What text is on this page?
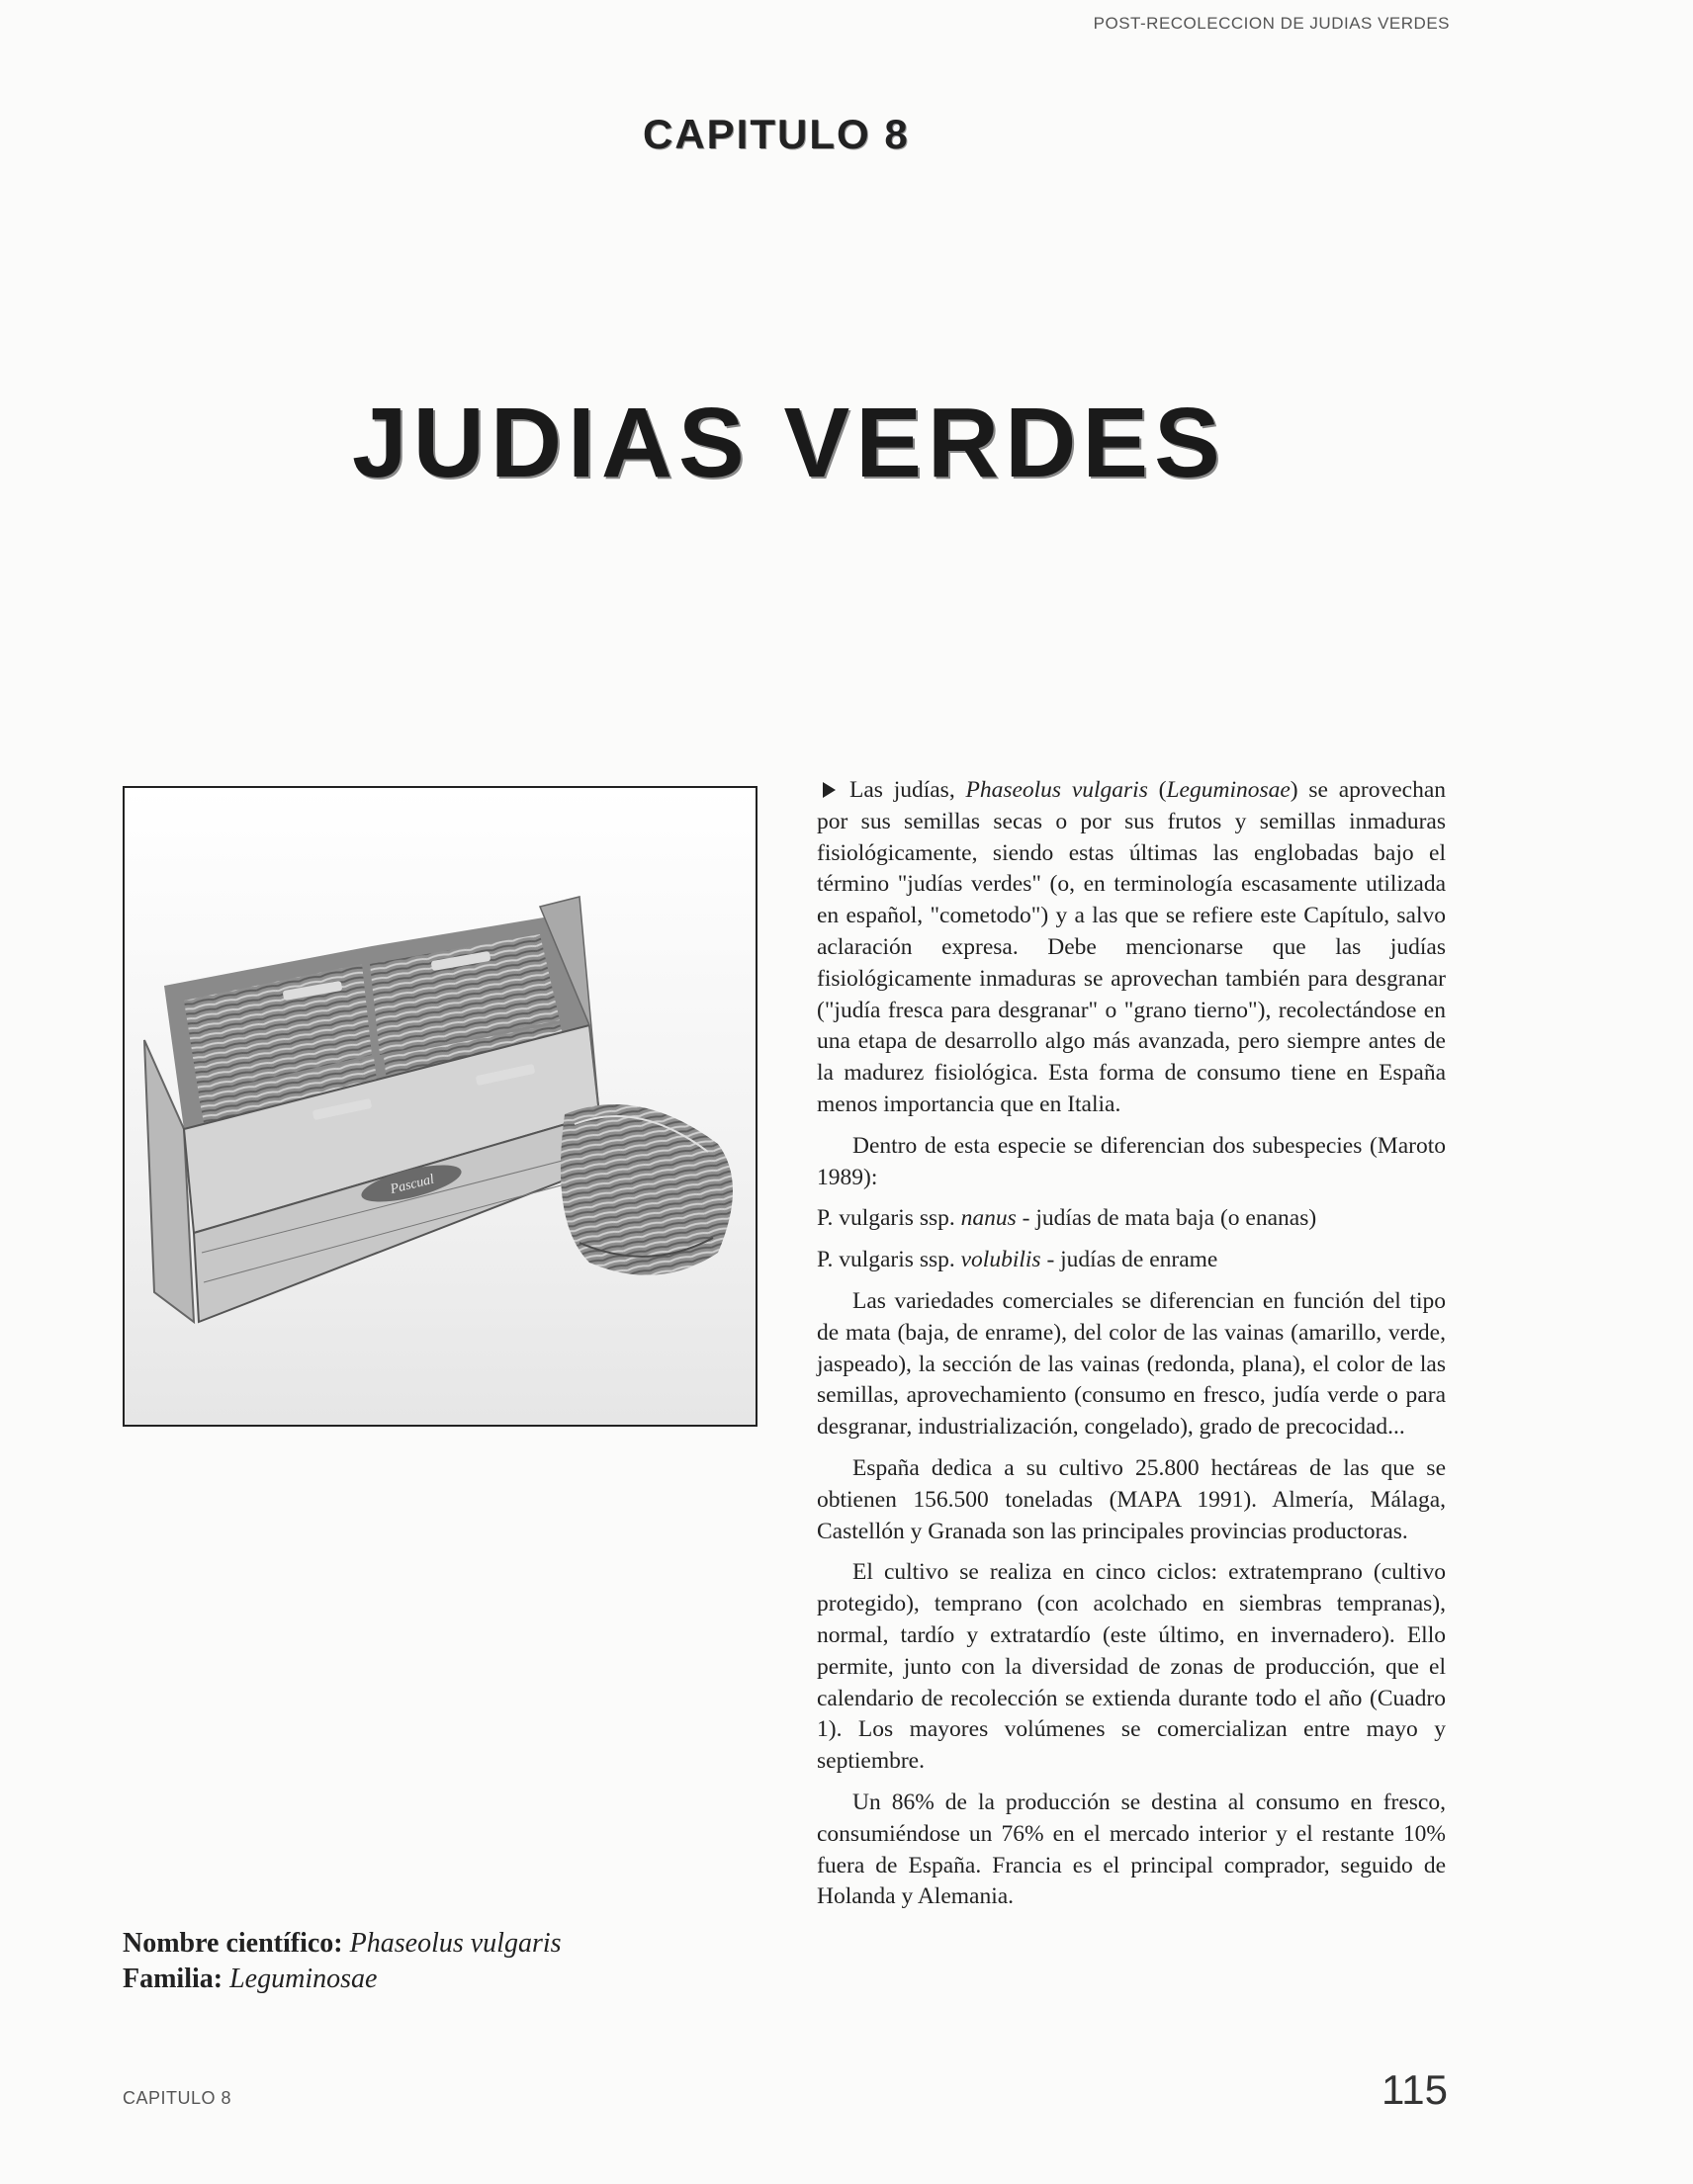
POST-RECOLECCION DE JUDIAS VERDES
CAPITULO 8
JUDIAS VERDES
Pascual
Nombre científico: Phaseolus vulgaris
Familia: Leguminosae

Las judías, Phaseolus vulgaris (Leguminosae) se aprovechan por sus semillas secas o por sus frutos y semillas inmaduras fisiológicamente, siendo estas últimas las englobadas bajo el término "judías verdes" (o, en terminología escasamente utilizada en español, "cometodo") y a las que se refiere este Capítulo, salvo aclaración expresa. Debe mencionarse que las judías fisiológicamente inmaduras se aprovechan también para desgranar ("judía fresca para desgranar" o "grano tierno"), recolectándose en una etapa de desarrollo algo más avanzada, pero siempre antes de la madurez fisiológica. Esta forma de consumo tiene en España menos importancia que en Italia.

Dentro de esta especie se diferencian dos subespecies (Maroto 1989):

P. vulgaris ssp. nanus - judías de mata baja (o enanas)

P. vulgaris ssp. volubilis - judías de enrame

Las variedades comerciales se diferencian en función del tipo de mata (baja, de enrame), del color de las vainas (amarillo, verde, jaspeado), la sección de las vainas (redonda, plana), el color de las semillas, aprovechamiento (consumo en fresco, judía verde o para desgranar, industrialización, congelado), grado de precocidad...

España dedica a su cultivo 25.800 hectáreas de las que se obtienen 156.500 toneladas (MAPA 1991). Almería, Málaga, Castellón y Granada son las principales provincias productoras.

El cultivo se realiza en cinco ciclos: extratemprano (cultivo protegido), temprano (con acolchado en siembras tempranas), normal, tardío y extratardío (este último, en invernadero). Ello permite, junto con la diversidad de zonas de producción, que el calendario de recolección se extienda durante todo el año (Cuadro 1). Los mayores volúmenes se comercializan entre mayo y septiembre.

Un 86% de la producción se destina al consumo en fresco, consumiéndose un 76% en el mercado interior y el restante 10% fuera de España. Francia es el principal comprador, seguido de Holanda y Alemania.

CAPITULO 8	115
